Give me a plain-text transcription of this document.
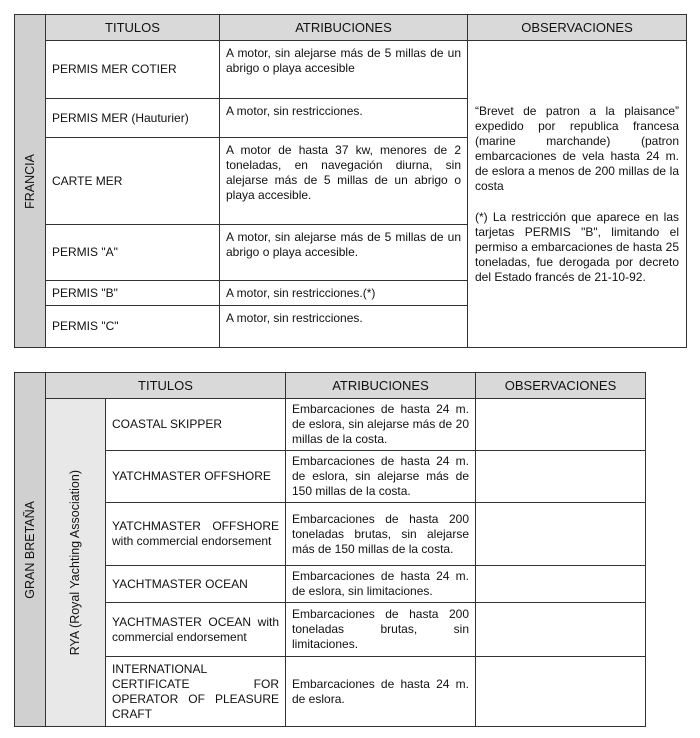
FRANCIA	TITULOS	ATRIBUCIONES	OBSERVACIONES
	PERMIS MER COTIER	A motor, sin alejarse más de 5 millas de un abrigo o playa accesible	“Brevet de patron a la plaisance” expedido por republica francesa (marine marchande) (patron embarcaciones de vela hasta 24 m. de eslora a menos de 200 millas de la costa

(*) La restricción que aparece en las tarjetas PERMIS "B", limitando el permiso a embarcaciones de hasta 25 toneladas, fue derogada por decreto del Estado francés de 21-10-92.

	PERMIS MER (Hauturier)	A motor, sin restricciones.	
	CARTE MER	A motor de hasta 37 kw, menores de 2 toneladas, en navegación diurna, sin alejarse más de 5 millas de un abrigo o playa accesible.	
	PERMIS "A"	A motor, sin alejarse más de 5 millas de un abrigo o playa accesible.	
	PERMIS "B"	A motor, sin restricciones.(*)	
	PERMIS "C"	A motor, sin restricciones.	
GRAN BRETAÑA	TITULOS		ATRIBUCIONES	OBSERVACIONES

	RYA (Royal Yachting Association)	COASTAL SKIPPER	Embarcaciones de hasta 24 m. de eslora, sin alejarse más de 20 millas de la costa.	
		YATCHMASTER OFFSHORE	Embarcaciones de hasta 24 m. de eslora, sin alejarse más de 150 millas de la costa.	
		YATCHMASTER OFFSHORE with commercial endorsement	Embarcaciones de hasta 200 toneladas brutas, sin alejarse más de 150 millas de la costa.	
		YACHTMASTER OCEAN	Embarcaciones de hasta 24 m. de eslora, sin limitaciones.	
		YACHTMASTER OCEAN with commercial endorsement	Embarcaciones de hasta 200 toneladas brutas, sin limitaciones.	
		INTERNATIONAL CERTIFICATE FOR OPERATOR OF PLEASURE CRAFT	Embarcaciones de hasta 24 m. de eslora.	
